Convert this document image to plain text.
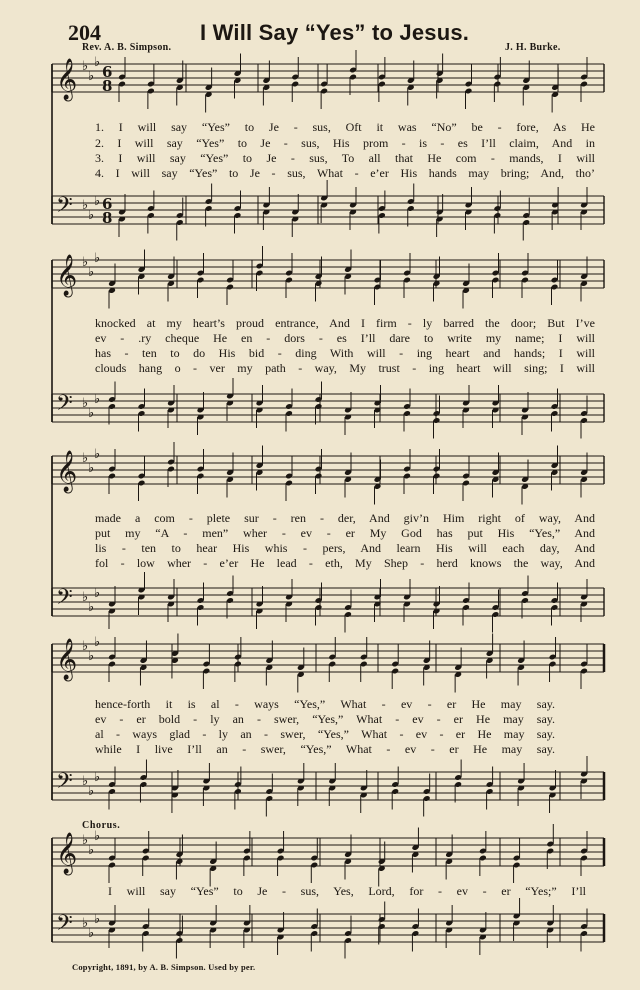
204	I Will Say “Yes” to Jesus.
Rev. A. B. Simpson.	J. H. Burke.
𝄞 ♭
♭
♭
6
8
𝄢 ♭
♭
♭ 6
8
𝄞 ♭
♭
♭
𝄢 ♭
♭
♭
𝄞 ♭
♭
♭
𝄢 ♭
♭
♭
𝄞 ♭
♭
♭
𝄢 ♭
♭
♭
𝄞 ♭
♭
♭
𝄢 ♭
♭
♭
1. I will say “Yes” to Je - sus, Oft it was “No” be - fore, As He
2. I will say “Yes” to Je - sus, His prom - is - es I’ll claim, And in
3. I will say “Yes” to Je - sus, To all that He com - mands, I will
4. I will say “Yes” to Je - sus, What - e’er His hands may bring; And, tho’
knocked at my heart’s proud entrance, And I firm - ly barred the door; But I’ve
ev - .ry cheque He en - dors - es I’ll dare to write my name; I will
has - ten to do His bid - ding With will - ing heart and hands; I will
clouds hang o - ver my path - way, My trust - ing heart will sing; I will
made a com - plete sur - ren - der, And giv’n Him right of way, And
put my “A - men” wher - ev - er My God has put His “Yes,” And
lis - ten to hear His whis - pers, And learn His will each day, And
fol - low wher - e’er He lead - eth, My Shep - herd knows the way, And
hence-forth it is al - ways “Yes,” What - ev - er He may say.
ev - er bold - ly an - swer, “Yes,” What - ev - er He may say.
al - ways glad - ly an - swer, “Yes,” What - ev - er He may say.
while I live I’ll an - swer, “Yes,” What - ev - er He may say.
Chorus.
I will say “Yes” to Je - sus, Yes, Lord, for - ev - er “Yes;” I’ll
Copyright, 1891, by A. B. Simpson. Used by per.
